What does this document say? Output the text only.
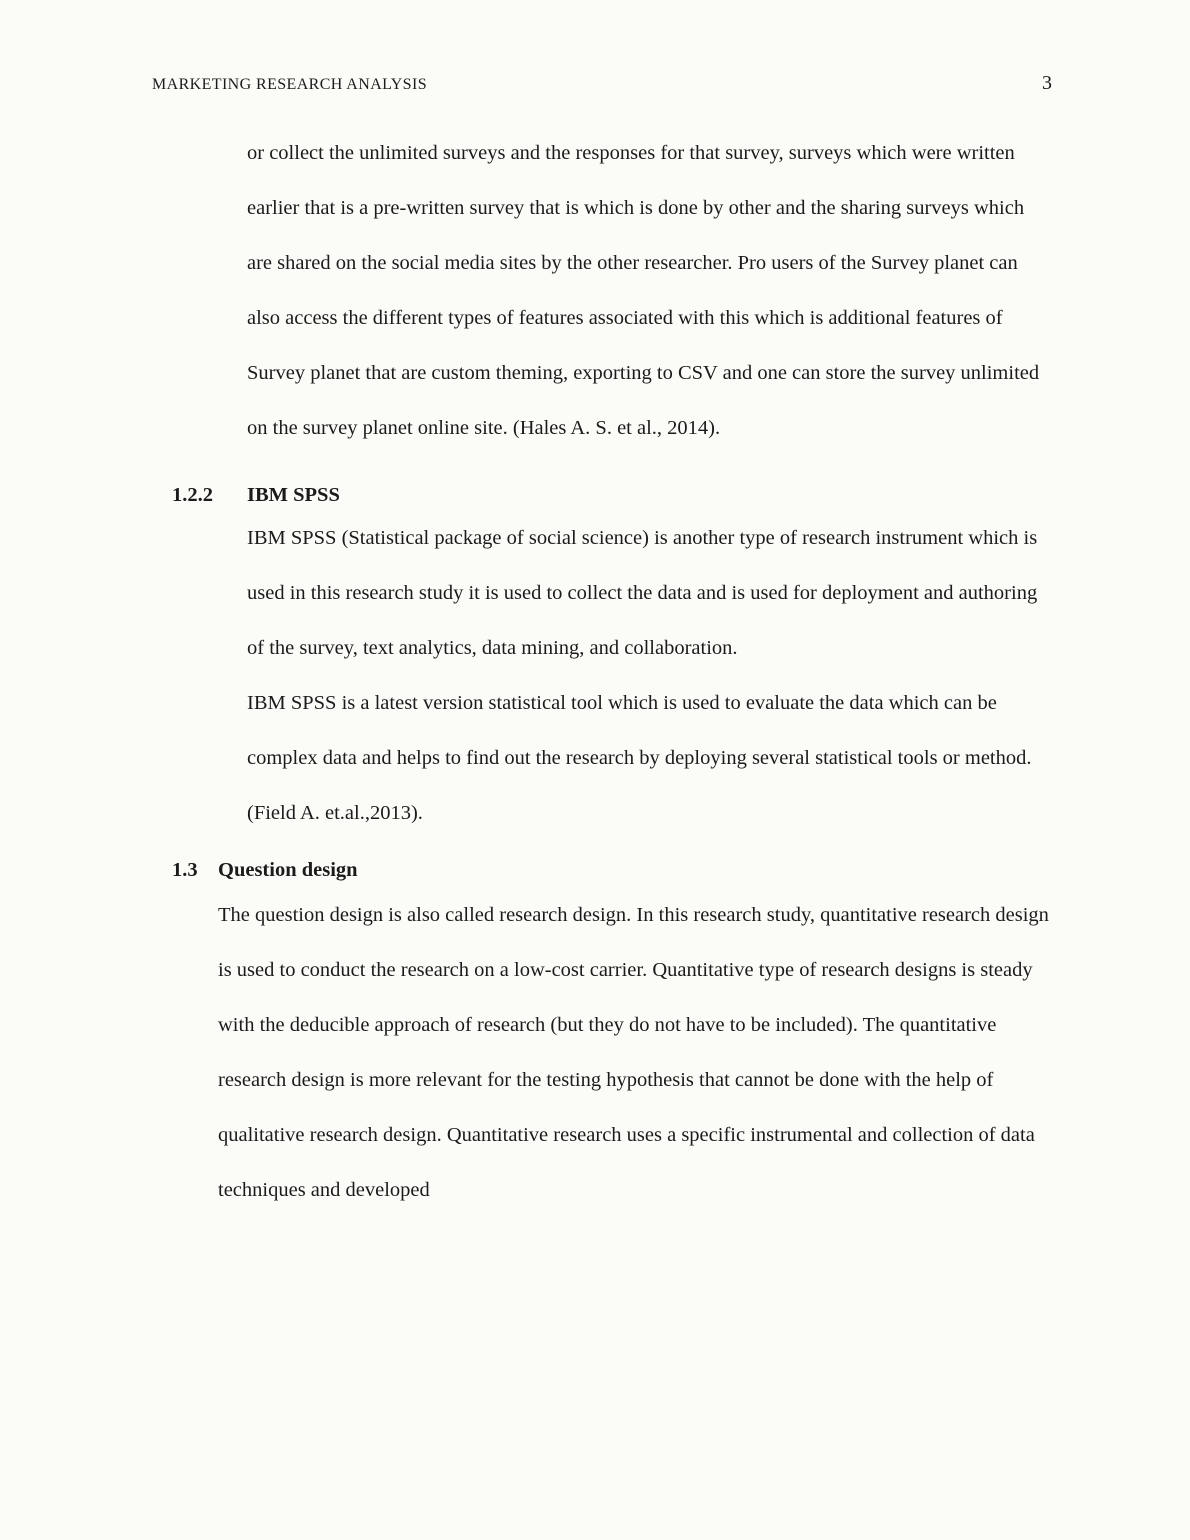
MARKETING RESEARCH ANALYSIS	3

or collect the unlimited surveys and the responses for that survey, surveys which were written earlier that is a pre-written survey that is which is done by other and the sharing surveys which are shared on the social media sites by the other researcher. Pro users of the Survey planet can also access the different types of features associated with this which is additional features of Survey planet that are custom theming, exporting to CSV and one can store the survey unlimited on the survey planet online site. (Hales A. S. et al., 2014).

1.2.2	IBM SPSS

IBM SPSS (Statistical package of social science) is another type of research instrument which is used in this research study it is used to collect the data and is used for deployment and authoring of the survey, text analytics, data mining, and collaboration.

IBM SPSS is a latest version statistical tool which is used to evaluate the data which can be complex data and helps to find out the research by deploying several statistical tools or method. (Field A. et.al.,2013).

1.3 Question design

The question design is also called research design. In this research study, quantitative research design is used to conduct the research on a low-cost carrier. Quantitative type of research designs is steady with the deducible approach of research (but they do not have to be included). The quantitative research design is more relevant for the testing hypothesis that cannot be done with the help of qualitative research design. Quantitative research uses a specific instrumental and collection of data techniques and developed
